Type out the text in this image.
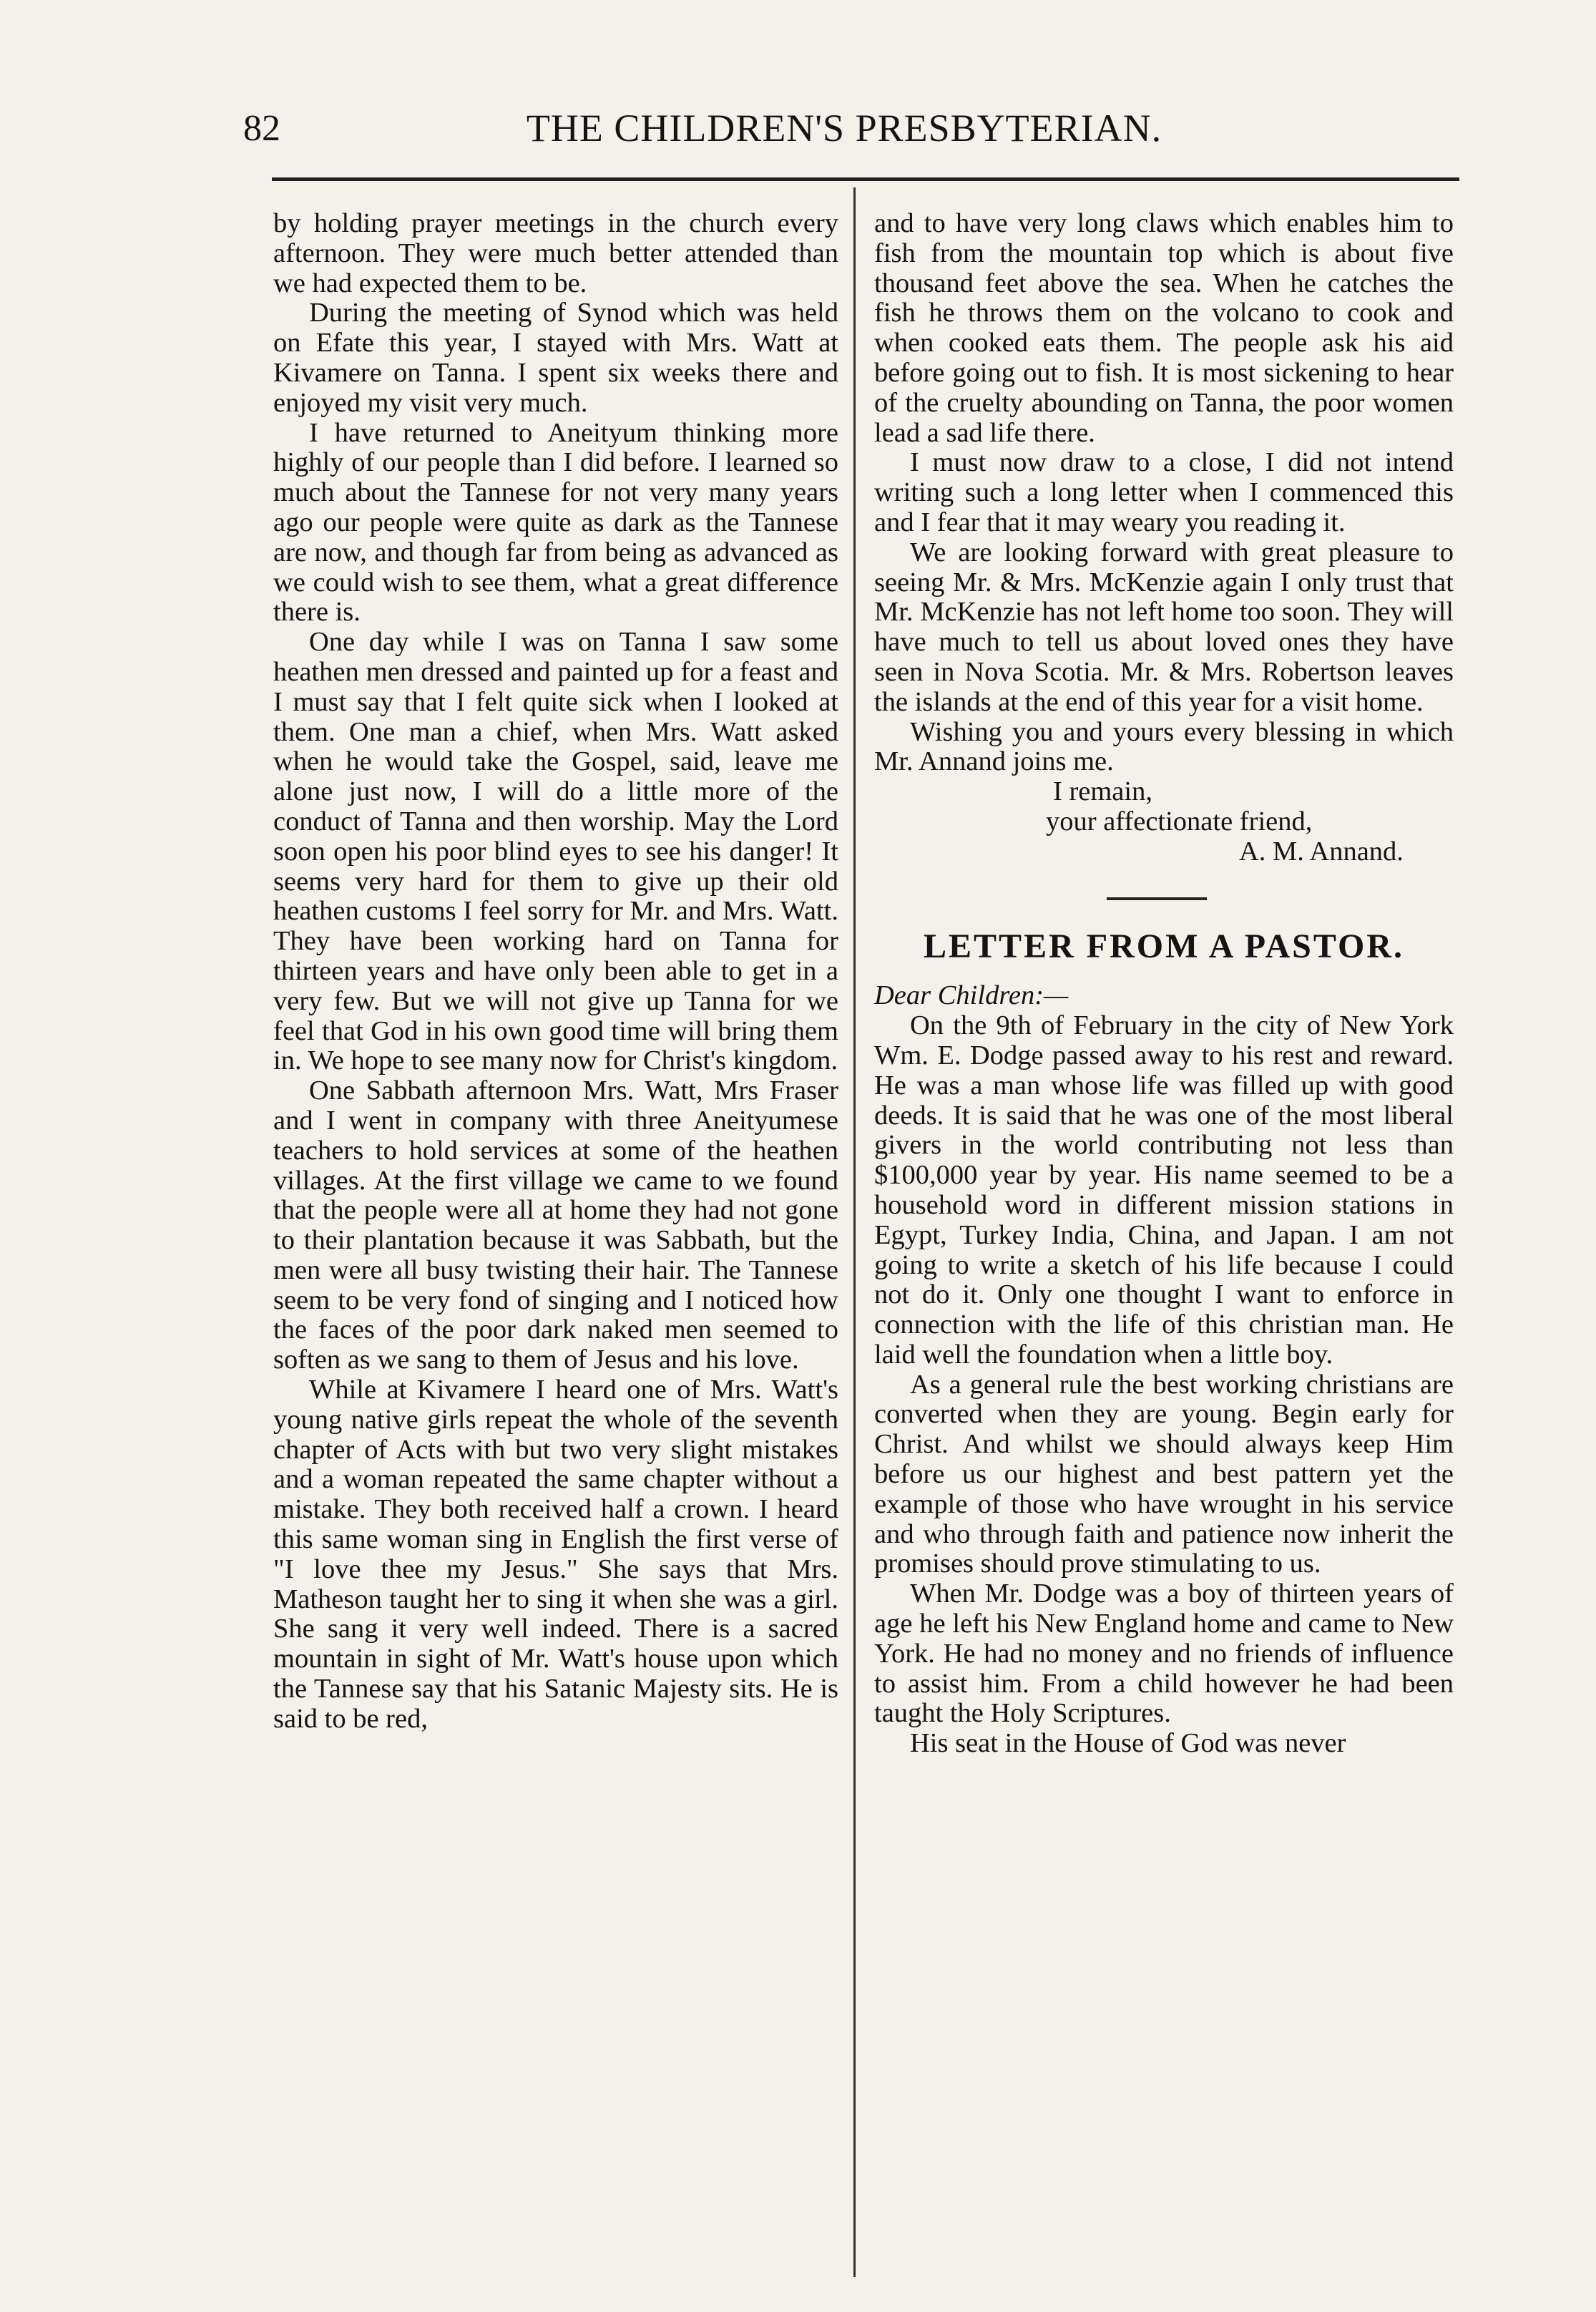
82	THE CHILDREN'S PRESBYTERIAN.

by holding prayer meetings in the church every afternoon. They were much better attended than we had expected them to be.

During the meeting of Synod which was held on Efate this year, I stayed with Mrs. Watt at Kivamere on Tanna. I spent six weeks there and enjoyed my visit very much.

I have returned to Aneityum thinking more highly of our people than I did before. I learned so much about the Tannese for not very many years ago our people were quite as dark as the Tannese are now, and though far from being as advanced as we could wish to see them, what a great difference there is.

One day while I was on Tanna I saw some heathen men dressed and painted up for a feast and I must say that I felt quite sick when I looked at them. One man a chief, when Mrs. Watt asked when he would take the Gospel, said, leave me alone just now, I will do a little more of the conduct of Tanna and then worship. May the Lord soon open his poor blind eyes to see his danger! It seems very hard for them to give up their old heathen customs I feel sorry for Mr. and Mrs. Watt. They have been working hard on Tanna for thirteen years and have only been able to get in a very few. But we will not give up Tanna for we feel that God in his own good time will bring them in. We hope to see many now for Christ's kingdom.

One Sabbath afternoon Mrs. Watt, Mrs Fraser and I went in company with three Aneityumese teachers to hold services at some of the heathen villages. At the first village we came to we found that the people were all at home they had not gone to their plantation because it was Sabbath, but the men were all busy twisting their hair. The Tannese seem to be very fond of singing and I noticed how the faces of the poor dark naked men seemed to soften as we sang to them of Jesus and his love.

While at Kivamere I heard one of Mrs. Watt's young native girls repeat the whole of the seventh chapter of Acts with but two very slight mistakes and a woman repeated the same chapter without a mistake. They both received half a crown. I heard this same woman sing in English the first verse of "I love thee my Jesus." She says that Mrs. Matheson taught her to sing it when she was a girl. She sang it very well indeed. There is a sacred mountain in sight of Mr. Watt's house upon which the Tannese say that his Satanic Majesty sits. He is said to be red,

and to have very long claws which enables him to fish from the mountain top which is about five thousand feet above the sea. When he catches the fish he throws them on the volcano to cook and when cooked eats them. The people ask his aid before going out to fish. It is most sickening to hear of the cruelty abounding on Tanna, the poor women lead a sad life there.

I must now draw to a close, I did not intend writing such a long letter when I commenced this and I fear that it may weary you reading it.

We are looking forward with great pleasure to seeing Mr. & Mrs. McKenzie again I only trust that Mr. McKenzie has not left home too soon. They will have much to tell us about loved ones they have seen in Nova Scotia. Mr. & Mrs. Robertson leaves the islands at the end of this year for a visit home.

Wishing you and yours every blessing in which Mr. Annand joins me.

I remain,
your affectionate friend,
A. M. Annand.
LETTER FROM A PASTOR.

Dear Children:—

On the 9th of February in the city of New York Wm. E. Dodge passed away to his rest and reward. He was a man whose life was filled up with good deeds. It is said that he was one of the most liberal givers in the world contributing not less than $100,000 year by year. His name seemed to be a household word in different mission stations in Egypt, Turkey India, China, and Japan. I am not going to write a sketch of his life because I could not do it. Only one thought I want to enforce in connection with the life of this christian man. He laid well the foundation when a little boy.

As a general rule the best working christians are converted when they are young. Begin early for Christ. And whilst we should always keep Him before us our highest and best pattern yet the example of those who have wrought in his service and who through faith and patience now inherit the promises should prove stimulating to us.

When Mr. Dodge was a boy of thirteen years of age he left his New England home and came to New York. He had no money and no friends of influence to assist him. From a child however he had been taught the Holy Scriptures.

His seat in the House of God was never
